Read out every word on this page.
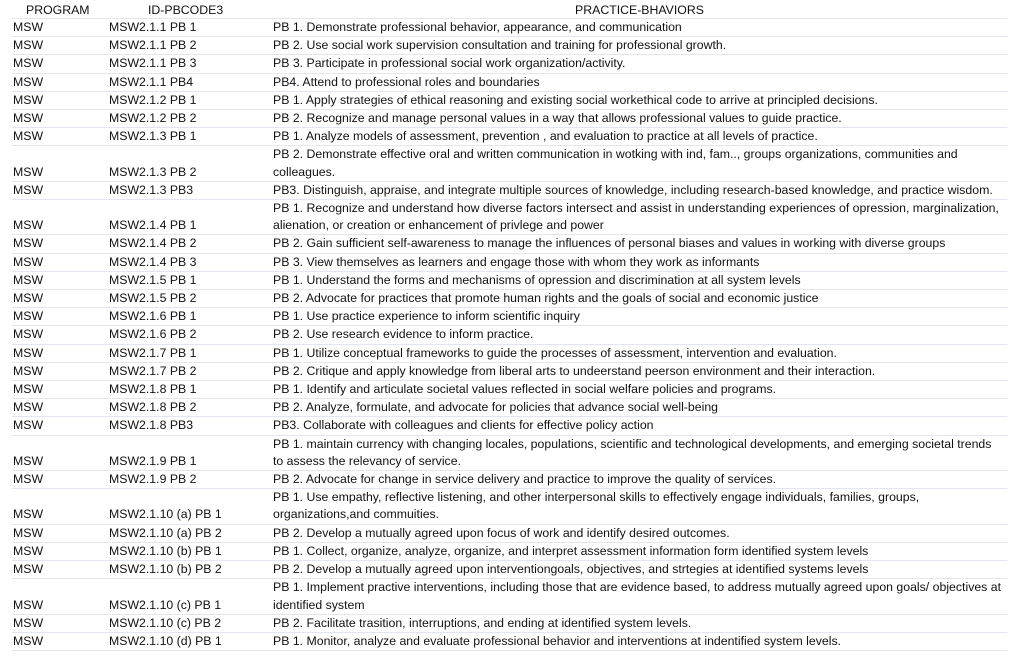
PROGRAM	ID-PBCODE3	PRACTICE-BHAVIORS
MSW	MSW2.1.1 PB 1	PB 1. Demonstrate professional behavior, appearance, and communication
MSW	MSW2.1.1 PB 2	PB 2. Use social work supervision consultation and training for professional growth.
MSW	MSW2.1.1 PB 3	PB 3. Participate in professional social work organization/activity.
MSW	MSW2.1.1 PB4	PB4. Attend to professional roles and boundaries
MSW	MSW2.1.2 PB 1	PB 1. Apply strategies of ethical reasoning and existing social workethical code to arrive at principled decisions.
MSW	MSW2.1.2 PB 2	PB 2. Recognize and manage personal values in a way that allows professional values to guide practice.
MSW	MSW2.1.3 PB 1	PB 1. Analyze models of assessment, prevention , and evaluation to practice at all levels of practice.
MSW	MSW2.1.3 PB 2	PB 2. Demonstrate effective oral and written communication in wotking with ind, fam.., groups organizations, communities and colleagues.
MSW	MSW2.1.3 PB3	PB3. Distinguish, appraise, and integrate multiple sources of knowledge, including research-based knowledge, and practice wisdom.
MSW	MSW2.1.4 PB 1	PB 1. Recognize and understand how diverse factors intersect and assist in understanding experiences of opression, marginalization, alienation, or creation or enhancement of privlege and power
MSW	MSW2.1.4 PB 2	PB 2. Gain sufficient self-awareness to manage the influences of personal biases and values in working with diverse groups
MSW	MSW2.1.4 PB 3	PB 3. View themselves as learners and engage those with whom they work as informants
MSW	MSW2.1.5 PB 1	PB 1. Understand the forms and mechanisms of opression and discrimination at all system levels
MSW	MSW2.1.5 PB 2	PB 2. Advocate for practices that promote human rights and the goals of social and economic justice
MSW	MSW2.1.6 PB 1	PB 1. Use practice experience to inform scientific inquiry
MSW	MSW2.1.6 PB 2	PB 2. Use research evidence to inform practice.
MSW	MSW2.1.7 PB 1	PB 1. Utilize conceptual frameworks to guide the processes of assessment, intervention and evaluation.
MSW	MSW2.1.7 PB 2	PB 2. Critique and apply knowledge from liberal arts to undeerstand peerson environment and their interaction.
MSW	MSW2.1.8 PB 1	PB 1. Identify and articulate societal values reflected in social welfare policies and programs.
MSW	MSW2.1.8 PB 2	PB 2. Analyze, formulate, and advocate for policies that advance social well-being
MSW	MSW2.1.8 PB3	PB3. Collaborate with colleagues and clients for effective policy action
MSW	MSW2.1.9 PB 1	PB 1. maintain currency with changing locales, populations, scientific and technological developments, and emerging societal trends to assess the relevancy of service.
MSW	MSW2.1.9 PB 2	PB 2. Advocate for change in service delivery and practice to improve the quality of services.
MSW	MSW2.1.10 (a) PB 1	PB 1. Use empathy, reflective listening, and other interpersonal skills to effectively engage individuals, families, groups, organizations,and commuities.
MSW	MSW2.1.10 (a) PB 2	PB 2. Develop a mutually agreed upon focus of work and identify desired outcomes.
MSW	MSW2.1.10 (b) PB 1	PB 1. Collect, organize, analyze, organize, and interpret assessment information form identified system levels
MSW	MSW2.1.10 (b) PB 2	PB 2. Develop a mutually agreed upon interventiongoals, objectives, and strtegies at identified systems levels
MSW	MSW2.1.10 (c) PB 1	PB 1. Implement practive interventions, including those that are evidence based, to address mutually agreed upon goals/ objectives at identified system
MSW	MSW2.1.10 (c) PB 2	PB 2. Facilitate trasition, interruptions, and ending at identified system levels.
MSW	MSW2.1.10 (d) PB 1	PB 1. Monitor, analyze and evaluate professional behavior and interventions at indentified system levels.
